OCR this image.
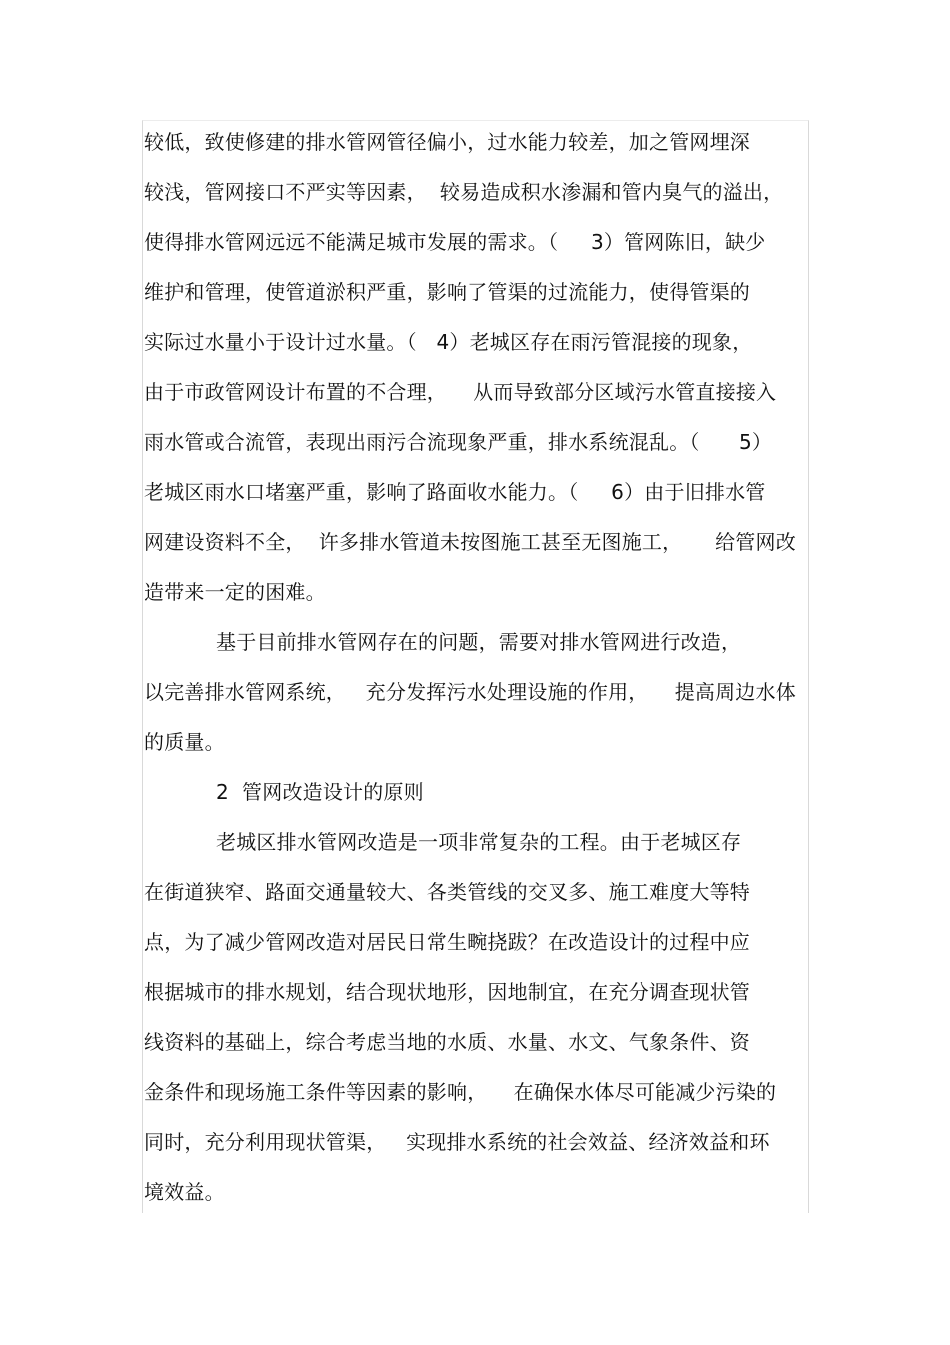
较低，致使修建的排水管网管径偏小，过水能力较差，加之管网埋深
较浅，管网接口不严实等因素，  较易造成积水渗漏和管内臭气的溢出，
使得排水管网远远不能满足城市发展的需求。（     3）管网陈旧，缺少
维护和管理，使管道淤积严重，影响了管渠的过流能力，使得管渠的
实际过水量小于设计过水量。（   4）老城区存在雨污管混接的现象，
由于市政管网设计布置的不合理，    从而导致部分区域污水管直接接入
雨水管或合流管，表现出雨污合流现象严重，排水系统混乱。（      5）
老城区雨水口堵塞严重，影响了路面收水能力。（     6）由于旧排水管
网建设资料不全，  许多排水管道未按图施工甚至无图施工，     给管网改
造带来一定的困难。
基于目前排水管网存在的问题，需要对排水管网进行改造，
以完善排水管网系统，   充分发挥污水处理设施的作用，    提高周边水体
的质量。
2  管网改造设计的原则
老城区排水管网改造是一项非常复杂的工程。由于老城区存
在街道狭窄、路面交通量较大、各类管线的交叉多、施工难度大等特
点，为了减少管网改造对居民日常生畹挠跋？在改造设计的过程中应
根据城市的排水规划，结合现状地形，因地制宜，在充分调查现状管
线资料的基础上，综合考虑当地的水质、水量、水文、气象条件、资
金条件和现场施工条件等因素的影响，    在确保水体尽可能减少污染的
同时，充分利用现状管渠，   实现排水系统的社会效益、经济效益和环
境效益。
